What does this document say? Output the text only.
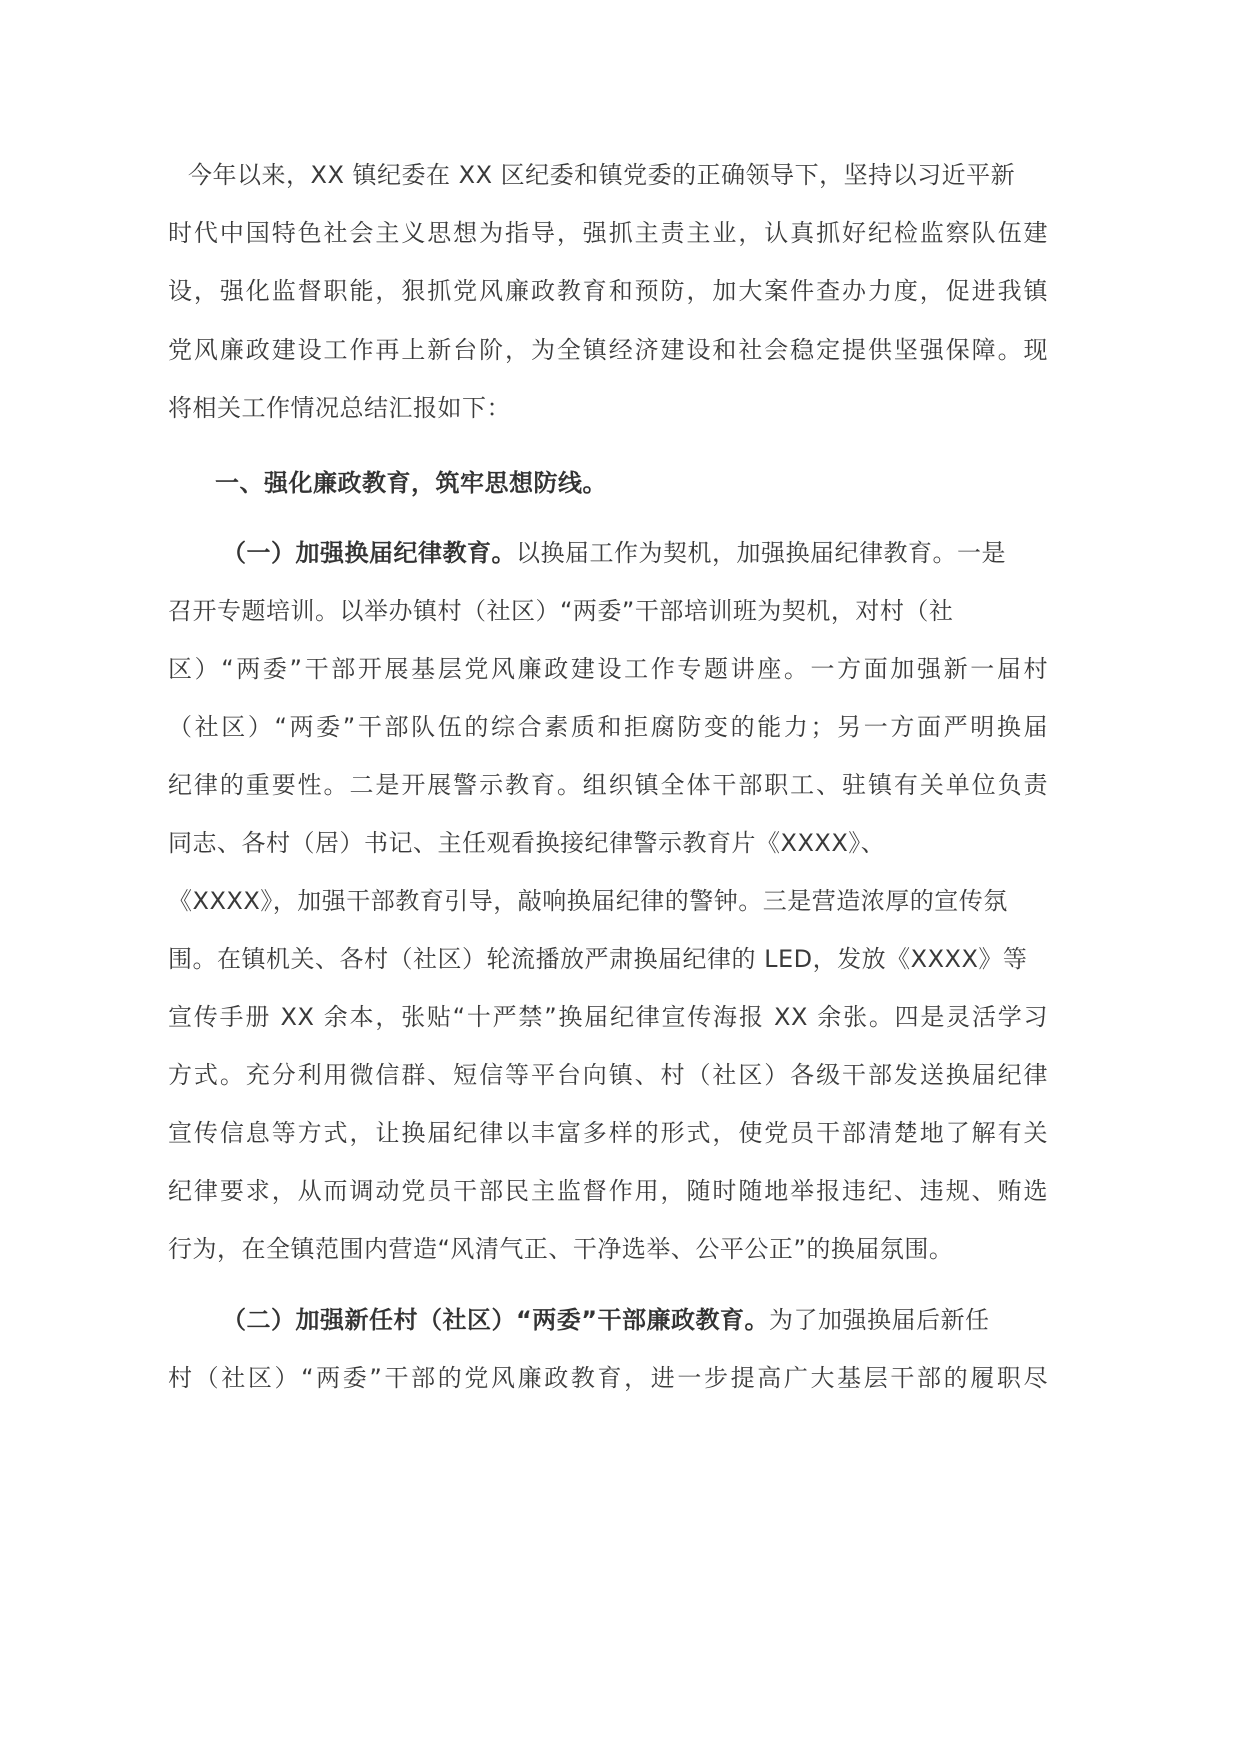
今年以来，XX 镇纪委在 XX 区纪委和镇党委的正确领导下，坚持以习近平新
时代中国特色社会主义思想为指导，强抓主责主业，认真抓好纪检监察队伍建
设，强化监督职能，狠抓党风廉政教育和预防，加大案件查办力度，促进我镇
党风廉政建设工作再上新台阶，为全镇经济建设和社会稳定提供坚强保障。现
将相关工作情况总结汇报如下：
一、强化廉政教育，筑牢思想防线。
（一）加强换届纪律教育。以换届工作为契机，加强换届纪律教育。一是
召开专题培训。以举办镇村（社区）“两委”干部培训班为契机，对村（社
区）“两委”干部开展基层党风廉政建设工作专题讲座。一方面加强新一届村
（社区）“两委”干部队伍的综合素质和拒腐防变的能力；另一方面严明换届
纪律的重要性。二是开展警示教育。组织镇全体干部职工、驻镇有关单位负责
同志、各村（居）书记、主任观看换接纪律警示教育片《XXXX》、
《XXXX》，加强干部教育引导，敲响换届纪律的警钟。三是营造浓厚的宣传氛
围。在镇机关、各村（社区）轮流播放严肃换届纪律的 LED，发放《XXXX》等
宣传手册 XX 余本，张贴“十严禁”换届纪律宣传海报 XX 余张。四是灵活学习
方式。充分利用微信群、短信等平台向镇、村（社区）各级干部发送换届纪律
宣传信息等方式，让换届纪律以丰富多样的形式，使党员干部清楚地了解有关
纪律要求，从而调动党员干部民主监督作用，随时随地举报违纪、违规、贿选
行为，在全镇范围内营造“风清气正、干净选举、公平公正”的换届氛围。
（二）加强新任村（社区）“两委”干部廉政教育。为了加强换届后新任
村（社区）“两委”干部的党风廉政教育，进一步提高广大基层干部的履职尽
